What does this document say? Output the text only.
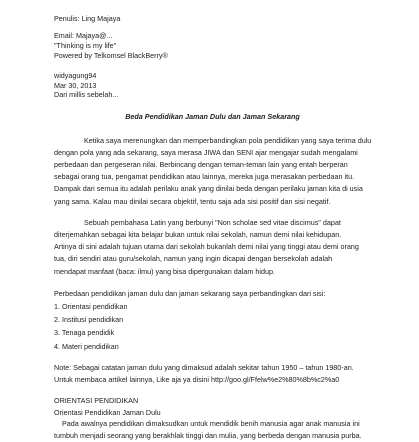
Penulis: Ling Majaya
Email: Majaya@...
"Thinking is my life"
Powered by Telkomsel BlackBerry®
widyagung94
Mar 30, 2013
Dari millis sebelah...
Beda Pendidikan Jaman Dulu dan Jaman Sekarang
Ketika saya merenungkan dan memperbandingkan pola pendidikan yang saya terima dulu
dengan pola yang ada sekarang, saya merasa JIWA dan SENI ajar mengajar sudah mengalami
perbedaan dan pergeseran nilai. Berbincang dengan teman-teman lain yang entah berperan
sebagai orang tua, pengamat pendidikan atau lainnya, mereka juga merasakan perbedaan itu.
Dampak dari semua itu adalah perilaku anak yang dinilai beda dengan perilaku jaman kita di usia
yang sama. Kalau mau dinilai secara objektif, tentu saja ada sisi positif dan sisi negatif.
Sebuah pembahasa Latin yang berbunyi "Non scholae sed vitae discimus" dapat
diterjemahkan sebagai kita belajar bukan untuk nilai sekolah, namun demi nilai kehidupan.
Artinya di sini adalah tujuan utama dari sekolah bukanlah demi nilai yang tinggi atau demi orang
tua, diri sendiri atau guru/sekolah, namun yang ingin dicapai dengan bersekolah adalah
mendapat manfaat (baca: ilmu) yang bisa dipergunakan dalam hidup.
Perbedaan pendidikan jaman dulu dan jaman sekarang saya perbandingkan dari sisi:
1. Orientasi pendidikan
2. Institusi pendidikan
3. Tenaga pendidik
4. Materi pendidikan
Note: Sebagai catatan jaman dulu yang dimaksud adalah sekitar tahun 1950 – tahun 1980-an.
Untuk membaca artikel lainnya, Like aja ya disini http://goo.gl/Ffelw%e2%80%8b%c2%a0
ORIENTASI PENDIDIKAN
Orientasi Pendidikan Jaman Dulu
Pada awalnya pendidikan dimaksudkan untuk mendidik benih manusia agar anak manusia ini
tumbuh menjadi seorang yang berakhlak tinggi dan mulia, yang berbeda dengan manusia purba.
